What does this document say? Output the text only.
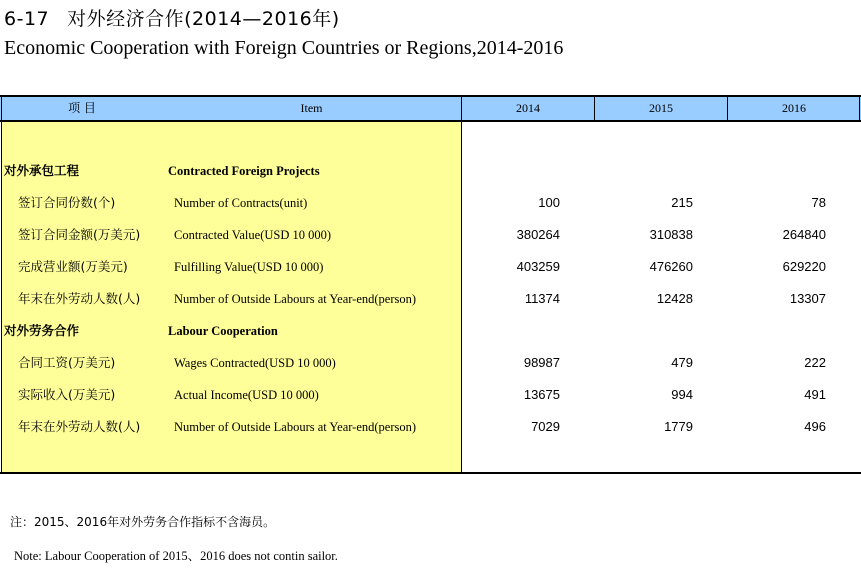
6-17 对外经济合作(2014—2016年)
Economic Cooperation with Foreign Countries or Regions,2014-2016
项 目	Item	2014	2015	2016
对外承包工程	Contracted Foreign Projects
签订合同份数(个)	Number of Contracts(unit)	100	215	78
签订合同金额(万美元)	Contracted Value(USD 10 000)	380264	310838	264840
完成营业额(万美元)	Fulfilling Value(USD 10 000)	403259	476260	629220
年末在外劳动人数(人)	Number of Outside Labours at Year-end(person)	11374	12428	13307
对外劳务合作	Labour Cooperation
合同工资(万美元)	Wages Contracted(USD 10 000)	98987	479	222
实际收入(万美元)	Actual Income(USD 10 000)	13675	994	491
年末在外劳动人数(人)	Number of Outside Labours at Year-end(person)	7029	1779	496
注：2015、2016年对外劳务合作指标不含海员。
Note: Labour Cooperation of 2015、2016 does not contin sailor.
